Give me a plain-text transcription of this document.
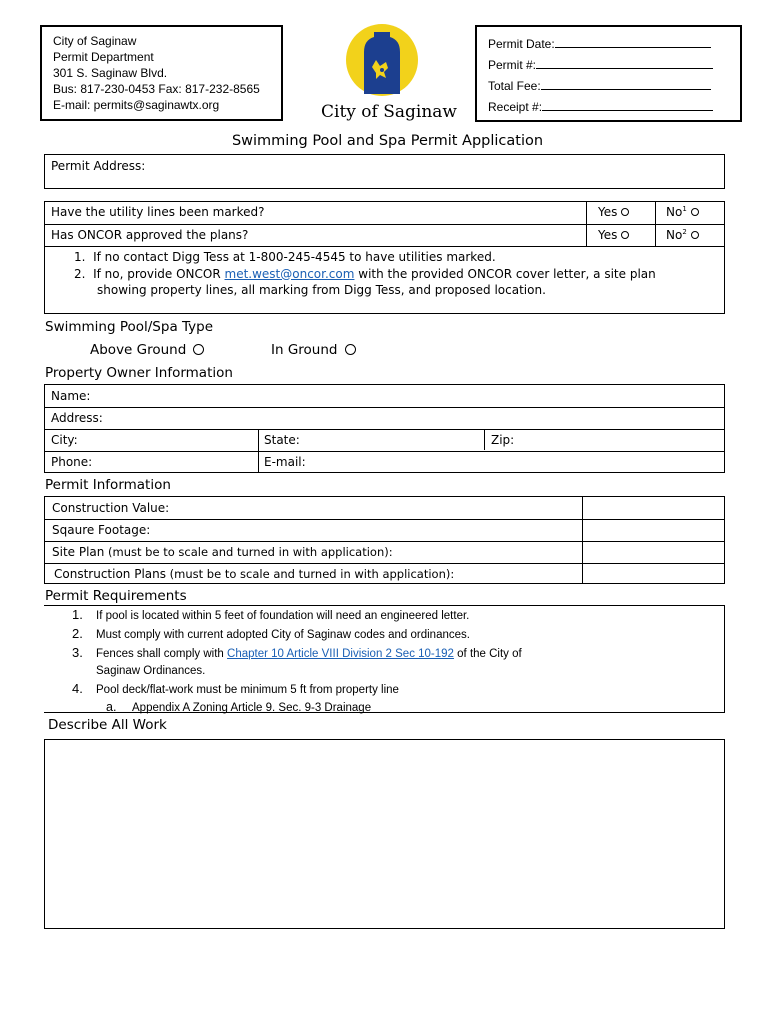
City of Saginaw
Permit Department
301 S. Saginaw Blvd.
Bus: 817-230-0453 Fax: 817-232-8565
E-mail: permits@saginawtx.org	City of Saginaw
Permit Date:
Permit #:
Total Fee:
Receipt #:
Swimming Pool and Spa Permit Application
Permit Address:
Have the utility lines been marked?	Yes	No$^1$
Has ONCOR approved the plans?	Yes	No$^2$
1.  If no contact Digg Tess at 1-800-245-4545 to have utilities marked.
2.  If no, provide ONCOR met.west@oncor.com with the provided ONCOR cover letter, a site plan
showing property lines, all marking from Digg Tess, and proposed location.
Swimming Pool/Spa Type
Above Ground	In Ground
Property Owner Information
Name:
Address:
City:	State:	Zip:
Phone:	E-mail:
Permit Information
Construction Value:
Sqaure Footage:
Site Plan (must be to scale and turned in with application):
Construction Plans (must be to scale and turned in with application):
Permit Requirements
1. If pool is located within 5 feet of foundation will need an engineered letter.
2. Must comply with current adopted City of Saginaw codes and ordinances.
3. Fences shall comply with Chapter 10 Article VIII Division 2 Sec 10-192 of the City of
Saginaw Ordinances.
4. Pool deck/flat-work must be minimum 5 ft from property line
a. Appendix A Zoning Article 9. Sec. 9-3 Drainage
Describe All Work
